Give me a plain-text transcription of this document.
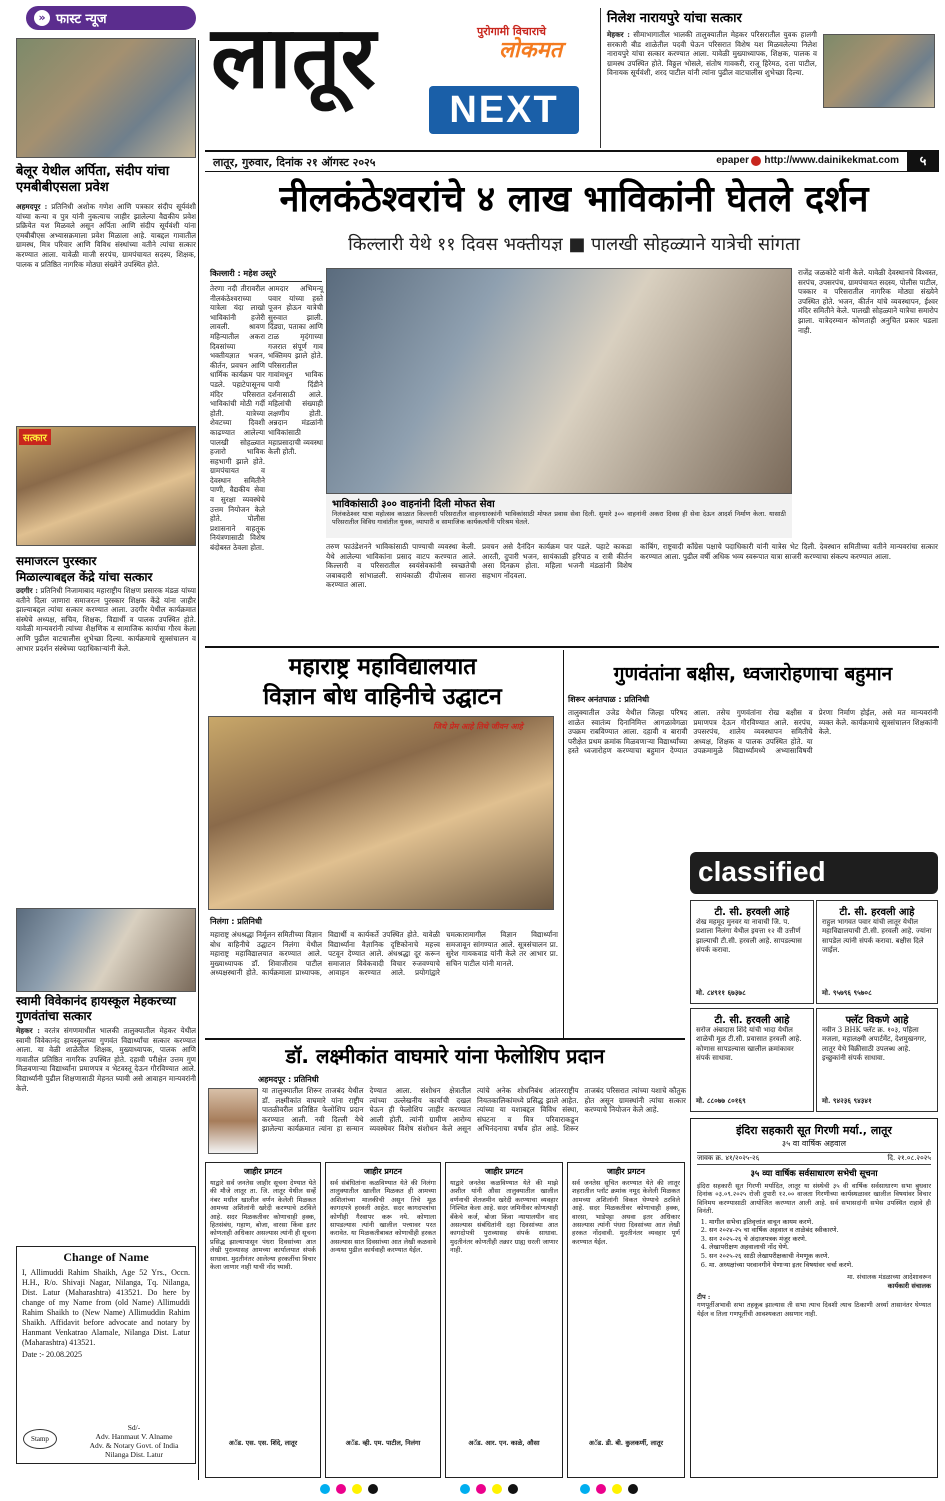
» फास्ट न्यूज
बेलूर येथील अर्पिता, संदीप यांचा एमबीबीएसला प्रवेश
अहमदपूर : प्रतिनिधी अशोक गणेश आणि पत्रकार संदीप सूर्यवंशी यांच्या कन्या व पुत्र यांनी नुकत्याच जाहीर झालेल्या वैद्यकीय प्रवेश प्रक्रियेत यश मिळवले असून अर्पिता आणि संदीप सूर्यवंशी यांना एमबीबीएस अभ्यासक्रमाला प्रवेश मिळाला आहे. याबद्दल गावातील ग्रामस्थ, मित्र परिवार आणि विविध संस्थांच्या वतीने त्यांचा सत्कार करण्यात आला. यावेळी माजी सरपंच, ग्रामपंचायत सदस्य, शिक्षक, पालक व प्रतिष्ठित नागरिक मोठ्या संख्येने उपस्थित होते.
सत्कार
समाजरत्न पुरस्कार
मिळाल्याबद्दल केंद्रे यांचा सत्कार
उदगीर : प्रतिनिधी निजामाबाद महाराष्ट्रीय शिक्षण प्रसारक मंडळ यांच्या वतीने दिला जाणारा समाजरत्न पुरस्कार शिक्षक केंद्रे यांना जाहीर झाल्याबद्दल त्यांचा सत्कार करण्यात आला. उदगीर येथील कार्यक्रमात संस्थेचे अध्यक्ष, सचिव, शिक्षक, विद्यार्थी व पालक उपस्थित होते. यावेळी मान्यवरांनी त्यांच्या शैक्षणिक व सामाजिक कार्याचा गौरव केला आणि पुढील वाटचालीस शुभेच्छा दिल्या. कार्यक्रमाचे सूत्रसंचालन व आभार प्रदर्शन संस्थेच्या पदाधिकाऱ्यांनी केले.
स्वामी विवेकानंद हायस्कूल मेहकरच्या गुणवंतांचा सत्कार
मेहकर : वरतंत्र संगणमाधील भालकी तालुक्यातील मेहकर येथील स्वामी विवेकानंद हायस्कूलच्या गुणवंत विद्यार्थ्यांचा सत्कार करण्यात आला. या वेळी शाळेतील शिक्षक, मुख्याध्यापक, पालक आणि गावातील प्रतिष्ठित नागरिक उपस्थित होते. दहावी परीक्षेत उत्तम गुण मिळवणाऱ्या विद्यार्थ्यांना प्रमाणपत्र व भेटवस्तू देऊन गौरविण्यात आले. विद्यार्थ्यांनी पुढील शिक्षणासाठी मेहनत घ्यावी असे आवाहन मान्यवरांनी केले.
Change of Name
I, Allimuddi Rahim Shaikh, Age 52 Yrs., Occn. H.H., R/o. Shivaji Nagar, Nilanga, Tq. Nilanga, Dist. Latur (Maharashtra) 413521. Do here by change of my Name from (old Name) Allimuddi Rahim Shaikh to (New Name) Allimuddin Rahim Shaikh. Affidavit before advocate and notary by Hanmant Venkatrao Alamale, Nilanga Dist. Latur (Maharashtra) 413521.
Date :- 20.08.2025
Stamp
Sd/-
Adv. Hanmaut V. Alname
Adv. & Notary Govt. of India
Nilanga Dist. Latur
लातूर	पुरोगामी विचाराचे
लोकमत
NEXT
निलेश नारायपुरे यांचा सत्कार
मेहकर : सीमाभागातील भालकी तालुक्यातील मेहकर परिसरातील युवक हालगी सरकारी बीड शाळेतील पदवी घेऊन परिसरात विशेष यश मिळवलेल्या निलेश नारायपुरे यांचा सत्कार करण्यात आला. यावेळी मुख्याध्यापक, शिक्षक, पालक व ग्रामस्थ उपस्थित होते. विठ्ठल भोसले, संतोष गावकरी, राजू हिरेमठ, दत्ता पाटील, विनायक सूर्यवंशी, शरद पाटील यांनी त्यांना पुढील वाटचालीस शुभेच्छा दिल्या.
लातूर, गुरुवार, दिनांक २१ ऑगस्ट २०२५	epaper http://www.dainikekmat.com	५
नीलकंठेश्वरांचे ४ लाख भाविकांनी घेतले दर्शन
किल्लारी येथे ११ दिवस भक्तीयज्ञ ■ पालखी सोहळ्याने यात्रेची सांगता
किल्लारी : महेश उस्तुरे
तेरणा नदी तीरावरील नीलकंठेश्वराच्या यात्रेला यंदा लाखो भाविकांनी हजेरी लावली. श्रावण महिन्यातील अकरा दिवसांच्या भक्तीयज्ञात भजन, कीर्तन, प्रवचन आणि धार्मिक कार्यक्रम पार पडले. पहाटेपासूनच मंदिर परिसरात भाविकांची मोठी गर्दी होती. यात्रेच्या शेवटच्या दिवशी काढण्यात आलेल्या पालखी सोहळ्यात हजारो भाविक सहभागी झाले होते. ग्रामपंचायत व देवस्थान समितीने पाणी, वैद्यकीय सेवा व सुरक्षा व्यवस्थेचे उत्तम नियोजन केले होते. पोलीस प्रशासनाने वाहतूक नियंत्रणासाठी विशेष बंदोबस्त ठेवला होता.
आमदार अभिमन्यू पवार यांच्या हस्ते पूजन होऊन यात्रेची सुरुवात झाली. दिंड्या, पताका आणि टाळ मृदंगाच्या गजरात संपूर्ण गाव भक्तिमय झाले होते. परिसरातील गावांमधून भाविक पायी दिंडीने दर्शनासाठी आले. महिलांची संख्याही लक्षणीय होती. अन्नदान मंडळांनी भाविकांसाठी महाप्रसादाची व्यवस्था केली होती.
भाविकांसाठी ३०० वाहनांनी दिली मोफत सेवा
निलंकठेश्वर यात्रा महोत्सव काळात किल्लारी परिसरातील वाहनधारकांनी भाविकांसाठी मोफत प्रवास सेवा दिली. सुमारे ३०० वाहनांनी अकरा दिवस ही सेवा देऊन आदर्श निर्माण केला. यासाठी परिसरातील विविध गावांतील युवक, व्यापारी व सामाजिक कार्यकर्त्यांनी परिश्रम घेतले.
राजेंद्र जळकोटे यांनी केले. यावेळी देवस्थानचे विश्वस्त, सरपंच, उपसरपंच, ग्रामपंचायत सदस्य, पोलीस पाटील, पत्रकार व परिसरातील नागरिक मोठ्या संख्येने उपस्थित होते. भजन, कीर्तन यांचे व्यवस्थापन, ईश्वर मंदिर समितीने केले. पालखी सोहळ्याने यात्रेचा समारोप झाला. यात्रेदरम्यान कोणताही अनुचित प्रकार घडला नाही.
तरुण फाउंडेशनने भाविकांसाठी पाण्याची व्यवस्था केली. येथे आलेल्या भाविकांना प्रसाद वाटप करण्यात आले. किल्लारी व परिसरातील स्वयंसेवकांनी स्वच्छतेची जबाबदारी सांभाळली. सायंकाळी दीपोत्सव साजरा करण्यात आला.
प्रवचन असे दैनंदिन कार्यक्रम पार पडले. पहाटे काकडा आरती, दुपारी भजन, सायंकाळी हरिपाठ व रात्री कीर्तन असा दिनक्रम होता. महिला भजनी मंडळांनी विशेष सहभाग नोंदवला.
कांबिंग, राष्ट्रवादी काँग्रेस पक्षाचे पदाधिकारी यांनी यात्रेस भेट दिली. देवस्थान समितीच्या वतीने मान्यवरांचा सत्कार करण्यात आला. पुढील वर्षी अधिक भव्य स्वरूपात यात्रा साजरी करण्याचा संकल्प करण्यात आला.
महाराष्ट्र महाविद्यालयात
विज्ञान बोध वाहिनीचे उद्घाटन
जिथे प्रेम आहे तिथे जीवन आहे
निलंगा : प्रतिनिधी
महाराष्ट्र अंधश्रद्धा निर्मूलन समितीच्या विज्ञान बोध वाहिनीचे उद्घाटन निलंगा येथील महाराष्ट्र महाविद्यालयात करण्यात आले. मुख्याध्यापक डॉ. शिवाजीराव पाटील अध्यक्षस्थानी होते. कार्यक्रमाला प्राध्यापक, विद्यार्थी व कार्यकर्ते उपस्थित होते. यावेळी विद्यार्थ्यांना वैज्ञानिक दृष्टिकोनाचे महत्त्व पटवून देण्यात आले. अंधश्रद्धा दूर करून समाजात विवेकवादी विचार रुजवण्याचे आवाहन करण्यात आले. प्रयोगांद्वारे चमत्कारामागील विज्ञान विद्यार्थ्यांना समजावून सांगण्यात आले. सूत्रसंचालन प्रा. सुरेश गायकवाड यांनी केले तर आभार प्रा. सचिन पाटील यांनी मानले.
गुणवंतांना बक्षीस, ध्वजारोहणाचा बहुमान
शिरूर अनंतपाळ : प्रतिनिधी
तालुक्यातील उजेड येथील जिल्हा परिषद शाळेत स्वातंत्र्य दिनानिमित्त आगळावेगळा उपक्रम राबविण्यात आला. दहावी व बारावी परीक्षेत प्रथम क्रमांक मिळवणाऱ्या विद्यार्थ्यांच्या हस्ते ध्वजारोहण करण्याचा बहुमान देण्यात आला. तसेच गुणवंतांना रोख बक्षीस व प्रमाणपत्र देऊन गौरविण्यात आले. सरपंच, उपसरपंच, शालेय व्यवस्थापन समितीचे अध्यक्ष, शिक्षक व पालक उपस्थित होते. या उपक्रमामुळे विद्यार्थ्यांमध्ये अभ्यासाविषयी प्रेरणा निर्माण होईल, असे मत मान्यवरांनी व्यक्त केले. कार्यक्रमाचे सूत्रसंचालन शिक्षकांनी केले.
classified
टी. सी. हरवली आहे
शेख महमूद मुनवर या नावाची जि. प. प्रशाला निलंगा येथील इयत्ता १२ वी उत्तीर्ण झाल्याची टी.सी. हरवली आहे. सापडल्यास संपर्क करावा.
मो. ८४९११ ६७३७८
टी. सी. हरवली आहे
सरोज अंबादास शिंदे यांची भादा येथील शाळेची मूळ टी.सी. प्रवासात हरवली आहे. कोणास सापडल्यास खालील क्रमांकावर संपर्क साधावा.
मो. ८८०७७ ८०१६९
टी. सी. हरवली आहे
राहुल भागवत पवार यांची लातूर येथील महाविद्यालयाची टी.सी. हरवली आहे. ज्यांना सापडेल त्यांनी संपर्क करावा. बक्षीस दिले जाईल.
मो. ९५७९६ ९५७०८
फ्लॅट विकणे आहे
नवीन 3 BHK फ्लॅट क्र. १०३, पहिला मजला, महालक्ष्मी अपार्टमेंट, देशमुखनगर, लातूर येथे विक्रीसाठी उपलब्ध आहे. इच्छुकांनी संपर्क साधावा.
मो. ९४२३६ ९४३४१
डॉ. लक्ष्मीकांत वाघमारे यांना फेलोशिप प्रदान
अहमदपूर : प्रतिनिधी
या तालुक्यातील शिरूर ताजबंद येथील डॉ. लक्ष्मीकांत वाघमारे यांना राष्ट्रीय पातळीवरील प्रतिष्ठित फेलोशिप प्रदान करण्यात आली. नवी दिल्ली येथे झालेल्या कार्यक्रमात त्यांना हा सन्मान देण्यात आला. संशोधन क्षेत्रातील त्यांच्या उल्लेखनीय कार्याची दखल घेऊन ही फेलोशिप जाहीर करण्यात आली होती. त्यांनी ग्रामीण आरोग्य व्यवस्थेवर विशेष संशोधन केले असून त्यांचे अनेक शोधनिबंध आंतरराष्ट्रीय नियतकालिकांमध्ये प्रसिद्ध झाले आहेत. त्यांच्या या यशाबद्दल विविध संस्था, संघटना व मित्र परिवाराकडून अभिनंदनाचा वर्षाव होत आहे. शिरूर ताजबंद परिसरात त्यांच्या यशाचे कौतुक होत असून ग्रामस्थांनी त्यांचा सत्कार करण्याचे नियोजन केले आहे.
जाहीर प्रगटन
याद्वारे सर्व जनतेस जाहीर सूचना देण्यात येते की मौजे लातूर ता. जि. लातूर येथील सर्व्हे नंबर मधील खालील वर्णन केलेली मिळकत आमच्या अशिलांनी खरेदी करण्याचे ठरविले आहे. सदर मिळकतीवर कोणाचाही हक्क, हितसंबंध, गहाण, बोजा, वारसा किंवा इतर कोणताही अधिकार असल्यास त्यांनी ही सूचना प्रसिद्ध झाल्यापासून पंधरा दिवसांच्या आत लेखी पुराव्यासह आमच्या कार्यालयात संपर्क साधावा. मुदतीनंतर आलेल्या हरकतींचा विचार केला जाणार नाही याची नोंद घ्यावी.
अॅड. एस. एस. शिंदे, लातूर
जाहीर प्रगटन
सर्व संबंधितांना कळविण्यात येते की निलंगा तालुक्यातील खालील मिळकत ही आमच्या अशिलांच्या मालकीची असून तिचे मूळ कागदपत्रे हरवली आहेत. सदर कागदपत्रांचा कोणीही गैरवापर करू नये. कोणाला सापडल्यास त्यांनी खालील पत्त्यावर परत करावेत. या मिळकतीबाबत कोणाचीही हरकत असल्यास सात दिवसांच्या आत लेखी कळवावे अन्यथा पुढील कार्यवाही करण्यात येईल.
अॅड. व्ही. एम. पाटील, निलंगा
जाहीर प्रगटन
याद्वारे जनतेस कळविण्यात येते की माझे अशील यांनी औसा तालुक्यातील खालील वर्णनाची शेतजमीन खरेदी करण्याचा व्यवहार निश्चित केला आहे. सदर जमिनीवर कोणत्याही बँकेचे कर्ज, बोजा किंवा न्यायालयीन वाद असल्यास संबंधितांनी दहा दिवसांच्या आत कागदोपत्री पुराव्यासह संपर्क साधावा. मुदतीनंतर कोणतीही तक्रार ग्राह्य धरली जाणार नाही.
अॅड. आर. एन. काळे, औसा
जाहीर प्रगटन
सर्व जनतेस सूचित करण्यात येते की लातूर शहरातील प्लॉट क्रमांक नमूद केलेली मिळकत आमच्या अशिलांनी विकत घेण्याचे ठरविले आहे. सदर मिळकतीवर कोणाचाही हक्क, वारसा, भाडेपट्टा अथवा इतर अधिकार असल्यास त्यांनी पंधरा दिवसांच्या आत लेखी हरकत नोंदवावी. मुदतीनंतर व्यवहार पूर्ण करण्यात येईल.
अॅड. डी. बी. कुलकर्णी, लातूर
इंदिरा सहकारी सूत गिरणी मर्या., लातूर
३५ वा वार्षिक अहवाल
जावक क्र. ४१/२०२५-२६	दि. २१.०८.२०२५
३५ व्या वार्षिक सर्वसाधारण सभेची सूचना
इंदिरा सहकारी सूत गिरणी मर्यादित, लातूर या संस्थेची ३५ वी वार्षिक सर्वसाधारण सभा बुधवार दिनांक ०३.०९.२०२५ रोजी दुपारी १२.०० वाजता गिरणीच्या कार्यस्थळावर खालील विषयांवर विचार विनिमय करण्यासाठी आयोजित करण्यात आली आहे. सर्व सभासदांनी सभेस उपस्थित राहावे ही विनंती.
1. मागील सभेचा इतिवृत्तांत वाचून कायम करणे.
2. सन २०२४-२५ चा वार्षिक अहवाल व ताळेबंद स्वीकारणे.
3. सन २०२५-२६ चे अंदाजपत्रक मंजूर करणे.
4. लेखापरीक्षण अहवालाची नोंद घेणे.
5. सन २०२५-२६ साठी लेखापरीक्षकाची नेमणूक करणे.
6. मा. अध्यक्षांच्या परवानगीने येणाऱ्या इतर विषयांवर चर्चा करणे.
मा. संचालक मंडळाच्या आदेशावरून
कार्यकारी संचालक
टीप :
गणपूर्तीअभावी सभा तहकूब झाल्यास ती सभा त्याच दिवशी त्याच ठिकाणी अर्ध्या तासानंतर घेण्यात येईल व तिला गणपूर्तीची आवश्यकता असणार नाही.
